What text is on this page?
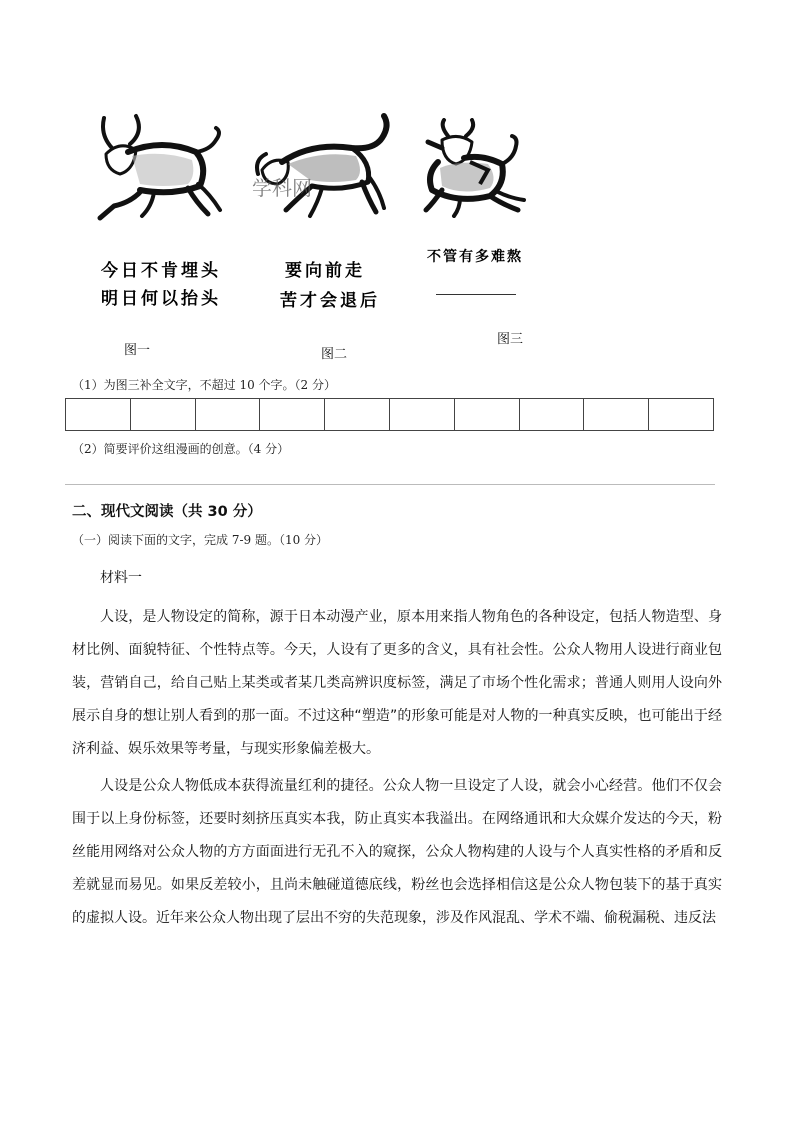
今日不肯埋头
明日何以抬头
图一
学科网
要向前走
苦才会退后
图二
不管有多难熬
图三
（1）为图三补全文字，不超过 10 个字。（2 分）
（2）简要评价这组漫画的创意。（4 分）
二、现代文阅读（共 30 分）
（一）阅读下面的文字，完成 7-9 题。（10 分）
材料一

人设，是人物设定的简称，源于日本动漫产业，原本用来指人物角色的各种设定，包括人物造型、身材比例、面貌特征、个性特点等。今天，人设有了更多的含义，具有社会性。公众人物用人设进行商业包装，营销自己，给自己贴上某类或者某几类高辨识度标签，满足了市场个性化需求；普通人则用人设向外展示自身的想让别人看到的那一面。不过这种“塑造”的形象可能是对人物的一种真实反映，也可能出于经济利益、娱乐效果等考量，与现实形象偏差极大。

人设是公众人物低成本获得流量红利的捷径。公众人物一旦设定了人设，就会小心经营。他们不仅会围于以上身份标签，还要时刻挤压真实本我，防止真实本我溢出。在网络通讯和大众媒介发达的今天，粉丝能用网络对公众人物的方方面面进行无孔不入的窥探，公众人物构建的人设与个人真实性格的矛盾和反差就显而易见。如果反差较小，且尚未触碰道德底线，粉丝也会选择相信这是公众人物包装下的基于真实的虚拟人设。近年来公众人物出现了层出不穷的失范现象，涉及作风混乱、学术不端、偷税漏税、违反法
